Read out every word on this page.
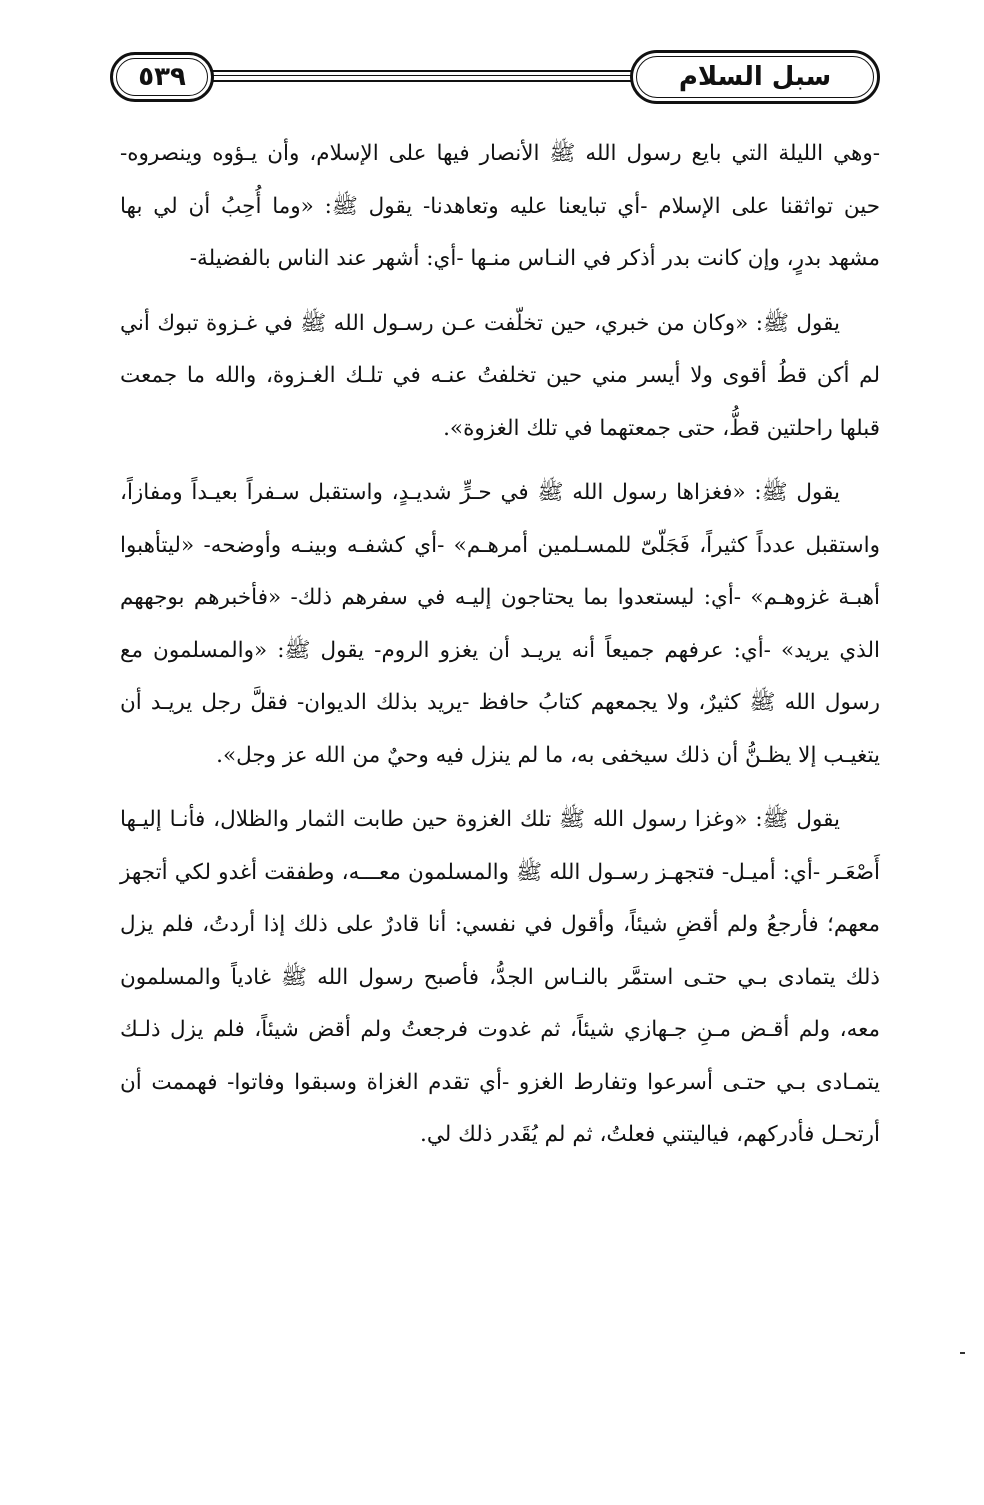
سبل السلام
٥٣٩

-وهي الليلة التي بايع رسول الله ﷺ الأنصار فيها على الإسلام، وأن يـؤوه وينصروه- حين تواثقنا على الإسلام -أي تبايعنا عليه وتعاهدنا- يقول ﷺ: «وما أُحِبُ أن لي بها مشهد بدرٍ، وإن كانت بدر أذكر في النـاس منـها -أي: أشهر عند الناس بالفضيلة-

يقول ﷺ: «وكان من خبري، حين تخلّفت عـن رسـول الله ﷺ في غـزوة تبوك أني لم أكن قطُ أقوى ولا أيسر مني حين تخلفتُ عنـه في تلـك الغـزوة، والله ما جمعت قبلها راحلتين قطُّ، حتى جمعتهما في تلك الغزوة».

يقول ﷺ: «فغزاها رسول الله ﷺ في حـرٍّ شديـدٍ، واستقبل سـفراً بعيـداً ومفازاً، واستقبل عدداً كثيراً، فَجَلّىّ للمسـلمين أمرهـم» -أي كشفـه وبينـه وأوضحه- «ليتأهبوا أهبـة غزوهـم» -أي: ليستعدوا بما يحتاجون إليـه في سفرهم ذلك- «فأخبرهم بوجههم الذي يريد» -أي: عرفهم جميعاً أنه يريـد أن يغزو الروم- يقول ﷺ: «والمسلمون مع رسول الله ﷺ كثيرٌ، ولا يجمعهم كتابُ حافظ -يريد بذلك الديوان- فقلَّ رجل يريـد أن يتغيـب إلا يظـنُّ أن ذلك سيخفى به، ما لم ينزل فيه وحيٌ من الله عز وجل».

يقول ﷺ: «وغزا رسول الله ﷺ تلك الغزوة حين طابت الثمار والظلال، فأنـا إليـها أَصْعَـر -أي: أميـل- فتجهـز رسـول الله ﷺ والمسلمون معـــه، وطفقت أغدو لكي أتجهز معهم؛ فأرجعُ ولم أقضِ شيئاً، وأقول في نفسي: أنا قادرٌ على ذلك إذا أردتُ، فلم يزل ذلك يتمادى بـي حتـى استمَّر بالنـاس الجدُّ، فأصبح رسول الله ﷺ غادياً والمسلمون معه، ولم أقـض مـنِ جـهازي شيئاً، ثم غدوت فرجعتُ ولم أقض شيئاً، فلم يزل ذلـك يتمـادى بـي حتـى أسرعوا وتفارط الغزو -أي تقدم الغزاة وسبقوا وفاتوا- فهممت أن أرتحـل فأدركهم، فياليتني فعلتُ، ثم لم يُقَدر ذلك لي.
